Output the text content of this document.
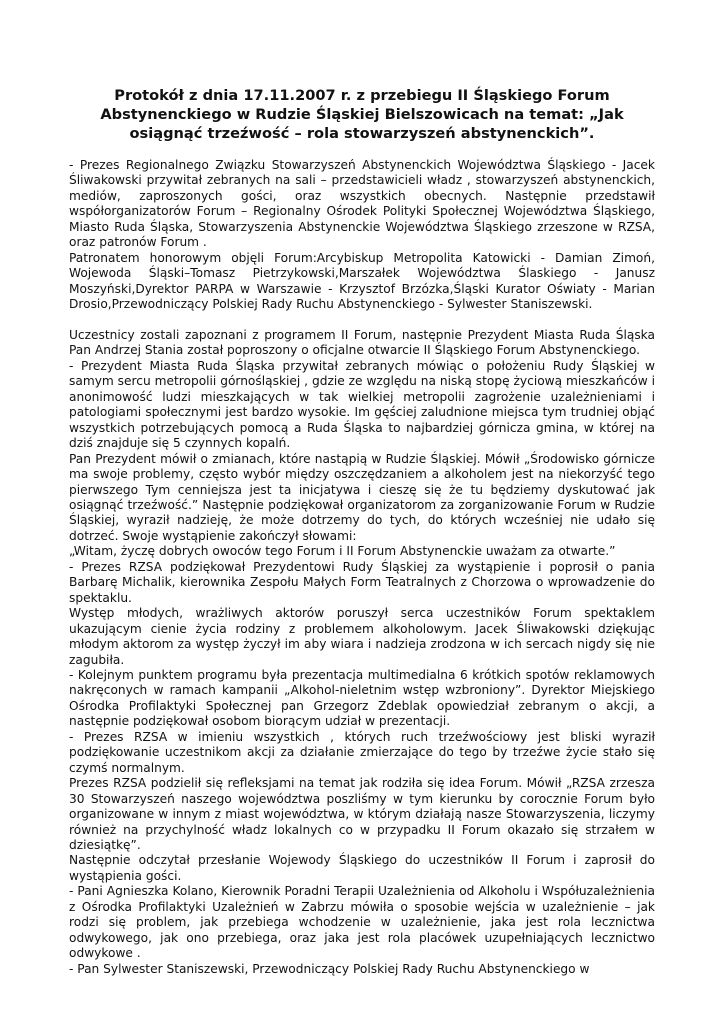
Protokół z dnia 17.11.2007 r. z przebiegu II Śląskiego Forum Abstynenckiego w Rudzie Śląskiej Bielszowicach na temat: „Jak osiągnąć trzeźwość – rola stowarzyszeń abstynenckich”.

- Prezes Regionalnego Związku Stowarzyszeń Abstynenckich Województwa Śląskiego - Jacek Śliwakowski przywitał zebranych na sali – przedstawicieli władz , stowarzyszeń abstynenckich, mediów, zaproszonych gości, oraz wszystkich obecnych. Następnie przedstawił współorganizatorów Forum – Regionalny Ośrodek Polityki Społecznej Województwa Śląskiego, Miasto Ruda Śląska, Stowarzyszenia Abstynenckie Województwa Śląskiego zrzeszone w RZSA, oraz patronów Forum .

Patronatem honorowym objęli Forum:Arcybiskup Metropolita Katowicki - Damian Zimoń, Wojewoda Śląski–Tomasz Pietrzykowski,Marszałek Województwa Ślaskiego - Janusz Moszyński,Dyrektor PARPA w Warszawie - Krzysztof Brzózka,Śląski Kurator Oświaty - Marian Drosio,Przewodniczący Polskiej Rady Ruchu Abstynenckiego - Sylwester Staniszewski.

Uczestnicy zostali zapoznani z programem II Forum, następnie Prezydent Miasta Ruda Śląska Pan Andrzej Stania został poproszony o oficjalne otwarcie II Śląskiego Forum Abstynenckiego.

- Prezydent Miasta Ruda Śląska przywitał zebranych mówiąc o położeniu Rudy Śląskiej w samym sercu metropolii górnośląskiej , gdzie ze względu na niską stopę życiową mieszkańców i anonimowość ludzi mieszkających w tak wielkiej metropolii zagrożenie uzależnieniami i patologiami społecznymi jest bardzo wysokie. Im gęściej zaludnione miejsca tym trudniej objąć wszystkich potrzebujących pomocą a Ruda Śląska to najbardziej górnicza gmina, w której na dziś znajduje się 5 czynnych kopalń.

Pan Prezydent mówił o zmianach, które nastąpią w Rudzie Śląskiej. Mówił „Środowisko górnicze ma swoje problemy, często wybór między oszczędzaniem a alkoholem jest na niekorzyść tego pierwszego Tym cenniejsza jest ta inicjatywa i cieszę się że tu będziemy dyskutować jak osiągnąć trzeźwość.” Następnie podziękował organizatorom za zorganizowanie Forum w Rudzie Śląskiej, wyraził nadzieję, że może dotrzemy do tych, do których wcześniej nie udało się dotrzeć. Swoje wystąpienie zakończył słowami:

„Witam, życzę dobrych owoców tego Forum i II Forum Abstynenckie uważam za otwarte.”

- Prezes RZSA podziękował Prezydentowi Rudy Śląskiej za wystąpienie i poprosił o pania Barbarę Michalik, kierownika Zespołu Małych Form Teatralnych z Chorzowa o wprowadzenie do spektaklu.

Występ młodych, wrażliwych aktorów poruszył serca uczestników Forum spektaklem ukazującym cienie życia rodziny z problemem alkoholowym. Jacek Śliwakowski dziękując młodym aktorom za występ życzył im aby wiara i nadzieja zrodzona w ich sercach nigdy się nie zagubiła.

- Kolejnym punktem programu była prezentacja multimedialna 6 krótkich spotów reklamowych nakręconych w ramach kampanii „Alkohol-nieletnim wstęp wzbroniony”. Dyrektor Miejskiego Ośrodka Profilaktyki Społecznej pan Grzegorz Zdeblak opowiedział zebranym o akcji, a następnie podziękował osobom biorącym udział w prezentacji.

- Prezes RZSA w imieniu wszystkich , których ruch trzeźwościowy jest bliski wyraził podziękowanie uczestnikom akcji za działanie zmierzające do tego by trzeźwe życie stało się czymś normalnym.

Prezes RZSA podzielił się refleksjami na temat jak rodziła się idea Forum. Mówił „RZSA zrzesza 30 Stowarzyszeń naszego województwa poszliśmy w tym kierunku by corocznie Forum było organizowane w innym z miast województwa, w którym działają nasze Stowarzyszenia, liczymy również na przychylność władz lokalnych co w przypadku II Forum okazało się strzałem w dziesiątkę”.

Następnie odczytał przesłanie Wojewody Śląskiego do uczestników II Forum i zaprosił do wystąpienia gości.

- Pani Agnieszka Kolano, Kierownik Poradni Terapii Uzależnienia od Alkoholu i Współuzależnienia z Ośrodka Profilaktyki Uzależnień w Zabrzu mówiła o sposobie wejścia w uzależnienie – jak rodzi się problem, jak przebiega wchodzenie w uzależnienie, jaka jest rola lecznictwa odwykowego, jak ono przebiega, oraz jaka jest rola placówek uzupełniających lecznictwo odwykowe .

- Pan Sylwester Staniszewski, Przewodniczący Polskiej Rady Ruchu Abstynenckiego w
